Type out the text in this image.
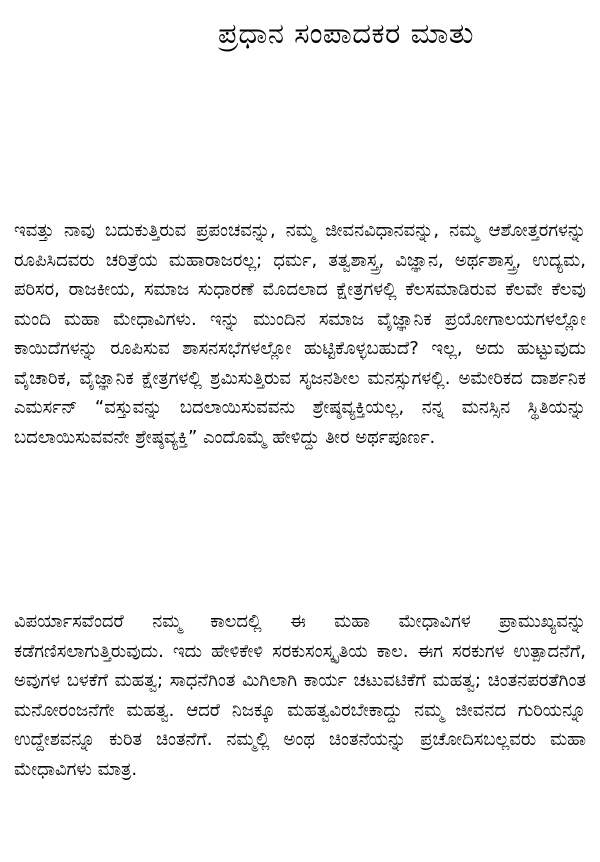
ಪ್ರಧಾನ ಸಂಪಾದಕರ ಮಾತು

ಇವತ್ತು ನಾವು ಬದುಕುತ್ತಿರುವ ಪ್ರಪಂಚವನ್ನು, ನಮ್ಮ ಜೀವನವಿಧಾನವನ್ನು, ನಮ್ಮ ಆಶೋತ್ತರಗಳನ್ನು ರೂಪಿಸಿದವರು ಚರಿತ್ರೆಯ ಮಹಾರಾಜರಲ್ಲ; ಧರ್ಮ, ತತ್ವಶಾಸ್ತ್ರ, ವಿಜ್ಞಾನ, ಅರ್ಥಶಾಸ್ತ್ರ, ಉದ್ಯಮ, ಪರಿಸರ, ರಾಜಕೀಯ, ಸಮಾಜ ಸುಧಾರಣೆ ಮೊದಲಾದ ಕ್ಷೇತ್ರಗಳಲ್ಲಿ ಕೆಲಸಮಾಡಿರುವ ಕೆಲವೇ ಕೆಲವು ಮಂದಿ ಮಹಾ ಮೇಧಾವಿಗಳು. ಇನ್ನು ಮುಂದಿನ ಸಮಾಜ ವೈಜ್ಞಾನಿಕ ಪ್ರಯೋಗಾಲಯಗಳಲ್ಲೋ ಕಾಯಿದೆಗಳನ್ನು ರೂಪಿಸುವ ಶಾಸನಸಭೆಗಳಲ್ಲೋ ಹುಟ್ಟಿಕೊಳ್ಳಬಹುದೆ? ಇಲ್ಲ, ಅದು ಹುಟ್ಟುವುದು ವೈಚಾರಿಕ, ವೈಜ್ಞಾನಿಕ ಕ್ಷೇತ್ರಗಳಲ್ಲಿ ಶ್ರಮಿಸುತ್ತಿರುವ ಸೃಜನಶೀಲ ಮನಸ್ಸುಗಳಲ್ಲಿ. ಅಮೇರಿಕದ ದಾರ್ಶನಿಕ ಎಮರ್ಸನ್ “ವಸ್ತುವನ್ನು ಬದಲಾಯಿಸುವವನು ಶ್ರೇಷ್ಠವ್ಯಕ್ತಿಯಲ್ಲ, ನನ್ನ ಮನಸ್ಸಿನ ಸ್ಥಿತಿಯನ್ನು ಬದಲಾಯಿಸುವವನೇ ಶ್ರೇಷ್ಠವ್ಯಕ್ತಿ” ಎಂದೊಮ್ಮೆ ಹೇಳಿದ್ದು ತೀರ ಅರ್ಥಪೂರ್ಣ.

ವಿಪರ್ಯಾಸವೆಂದರೆ ನಮ್ಮ ಕಾಲದಲ್ಲಿ ಈ ಮಹಾ ಮೇಧಾವಿಗಳ ಪ್ರಾಮುಖ್ಯವನ್ನು ಕಡೆಗಣಿಸಲಾಗುತ್ತಿರುವುದು. ಇದು ಹೇಳಿಕೇಳಿ ಸರಕುಸಂಸ್ಕೃತಿಯ ಕಾಲ. ಈಗ ಸರಕುಗಳ ಉತ್ಪಾದನೆಗೆ, ಅವುಗಳ ಬಳಕೆಗೆ ಮಹತ್ವ; ಸಾಧನೆಗಿಂತ ಮಿಗಿಲಾಗಿ ಕಾರ್ಯ ಚಟುವಟಿಕೆಗೆ ಮಹತ್ವ; ಚಿಂತನಪರತೆಗಿಂತ ಮನೋರಂಜನೆಗೇ ಮಹತ್ವ. ಆದರೆ ನಿಜಕ್ಕೂ ಮಹತ್ವವಿರಬೇಕಾದ್ದು ನಮ್ಮ ಜೀವನದ ಗುರಿಯನ್ನೂ ಉದ್ದೇಶವನ್ನೂ ಕುರಿತ ಚಿಂತನೆಗೆ. ನಮ್ಮಲ್ಲಿ ಅಂಥ ಚಿಂತನೆಯನ್ನು ಪ್ರಚೋದಿಸಬಲ್ಲವರು ಮಹಾ ಮೇಧಾವಿಗಳು ಮಾತ್ರ.
